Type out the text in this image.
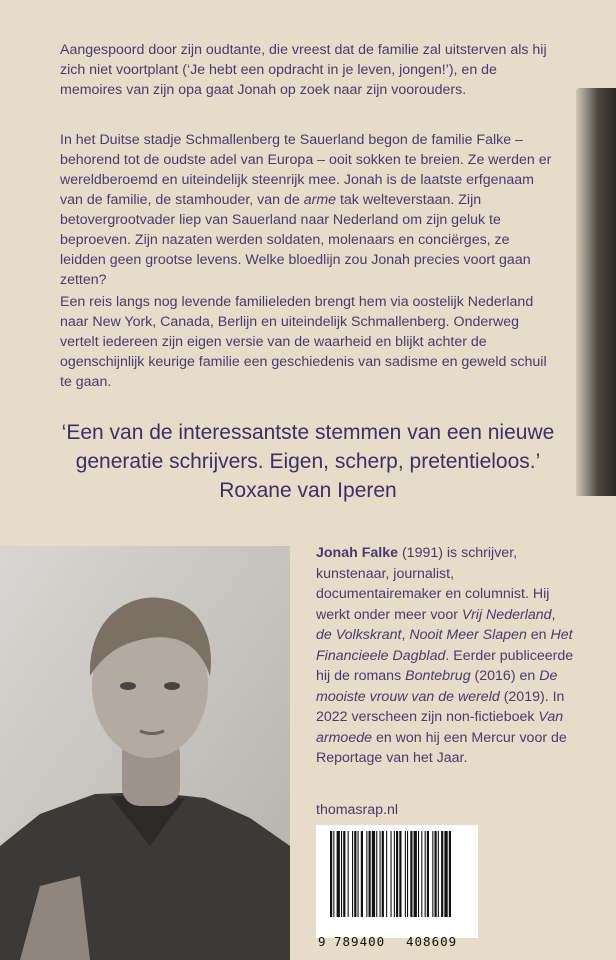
Aangespoord door zijn oudtante, die vreest dat de familie zal uitsterven als hij zich niet voortplant (‘Je hebt een opdracht in je leven, jongen!’), en de memoires van zijn opa gaat Jonah op zoek naar zijn voorouders.

In het Duitse stadje Schmallenberg te Sauerland begon de familie Falke – behorend tot de oudste adel van Europa – ooit sokken te breien. Ze werden er wereldberoemd en uiteindelijk steenrijk mee. Jonah is de laatste erfgenaam van de familie, de stamhouder, van de arme tak welteverstaan. Zijn betovergrootvader liep van Sauerland naar Nederland om zijn geluk te beproeven. Zijn nazaten werden soldaten, molenaars en conciërges, ze leidden geen grootse levens. Welke bloedlijn zou Jonah precies voort gaan zetten?

Een reis langs nog levende familieleden brengt hem via oostelijk Nederland naar New York, Canada, Berlijn en uiteindelijk Schmallenberg. Onderweg vertelt iedereen zijn eigen versie van de waarheid en blijkt achter de ogenschijnlijk keurige familie een geschiedenis van sadisme en geweld schuil te gaan.

‘Een van de interessantste stemmen van een nieuwe generatie schrijvers. Eigen, scherp, pretentieloos.’
Roxane van Iperen

Jonah Falke (1991) is schrijver, kunstenaar, journalist, documentairemaker en columnist. Hij werkt onder meer voor Vrij Nederland, de Volkskrant, Nooit Meer Slapen en Het Financieele Dagblad. Eerder publiceerde hij de romans Bontebrug (2016) en De mooiste vrouw van de wereld (2019). In 2022 verscheen zijn non-fictieboek Van armoede en won hij een Mercur voor de Reportage van het Jaar.

thomasrap.nl
9 789400 408609
